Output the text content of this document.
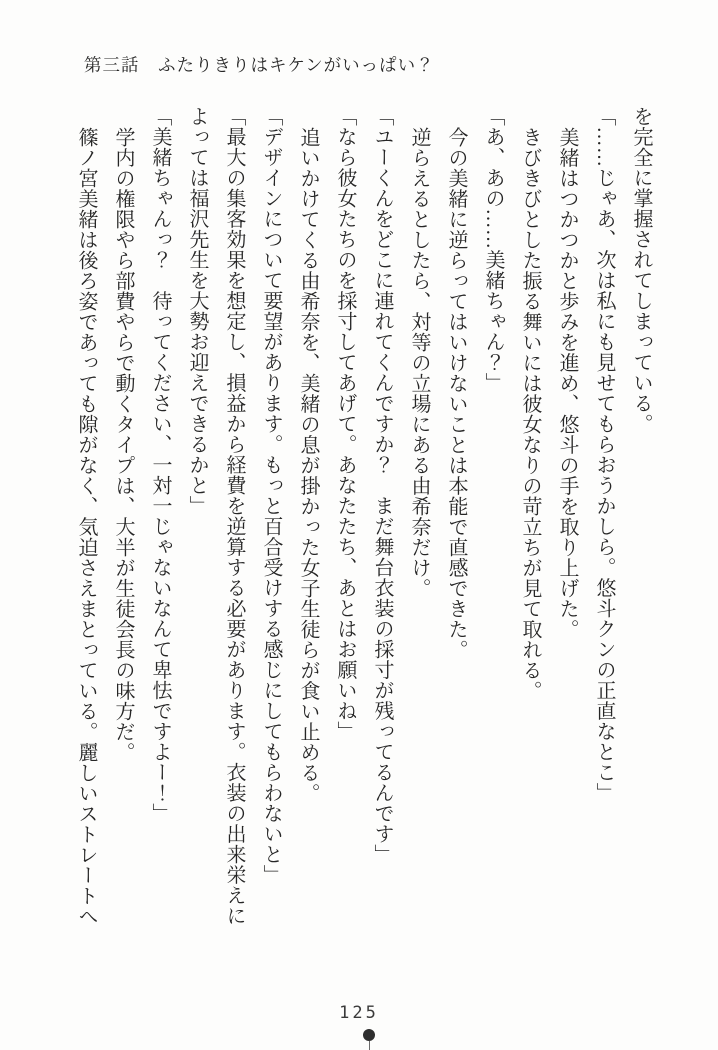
第三話　ふたりきりはキケンがいっぱい？
を完全に掌握されてしまっている。
「……じゃあ、次は私にも見せてもらおうかしら。悠斗クンの正直なとこ」
美緒はつかつかと歩みを進め、悠斗の手を取り上げた。
きびきびとした振る舞いには彼女なりの苛立ちが見て取れる。
「あ、あの……美緒ちゃん？」
今の美緒に逆らってはいけないことは本能で直感できた。
逆らえるとしたら、対等の立場にある由希奈だけ。
「ユーくんをどこに連れてくんですか？　まだ舞台衣装の採寸が残ってるんです」
「なら彼女たちのを採寸してあげて。あなたたち、あとはお願いね」
追いかけてくる由希奈を、美緒の息が掛かった女子生徒らが食い止める。
「デザインについて要望があります。もっと百合受けする感じにしてもらわないと」
「最大の集客効果を想定し、損益から経費を逆算する必要があります。衣装の出来栄えに
よっては福沢先生を大勢お迎えできるかと」
「美緒ちゃんっ？　待ってください、一対一じゃないなんて卑怯ですよー！」
学内の権限やら部費やらで動くタイプは、大半が生徒会長の味方だ。
篠ノ宮美緒は後ろ姿であっても隙がなく、気迫さえまとっている。麗しいストレートへ
125
